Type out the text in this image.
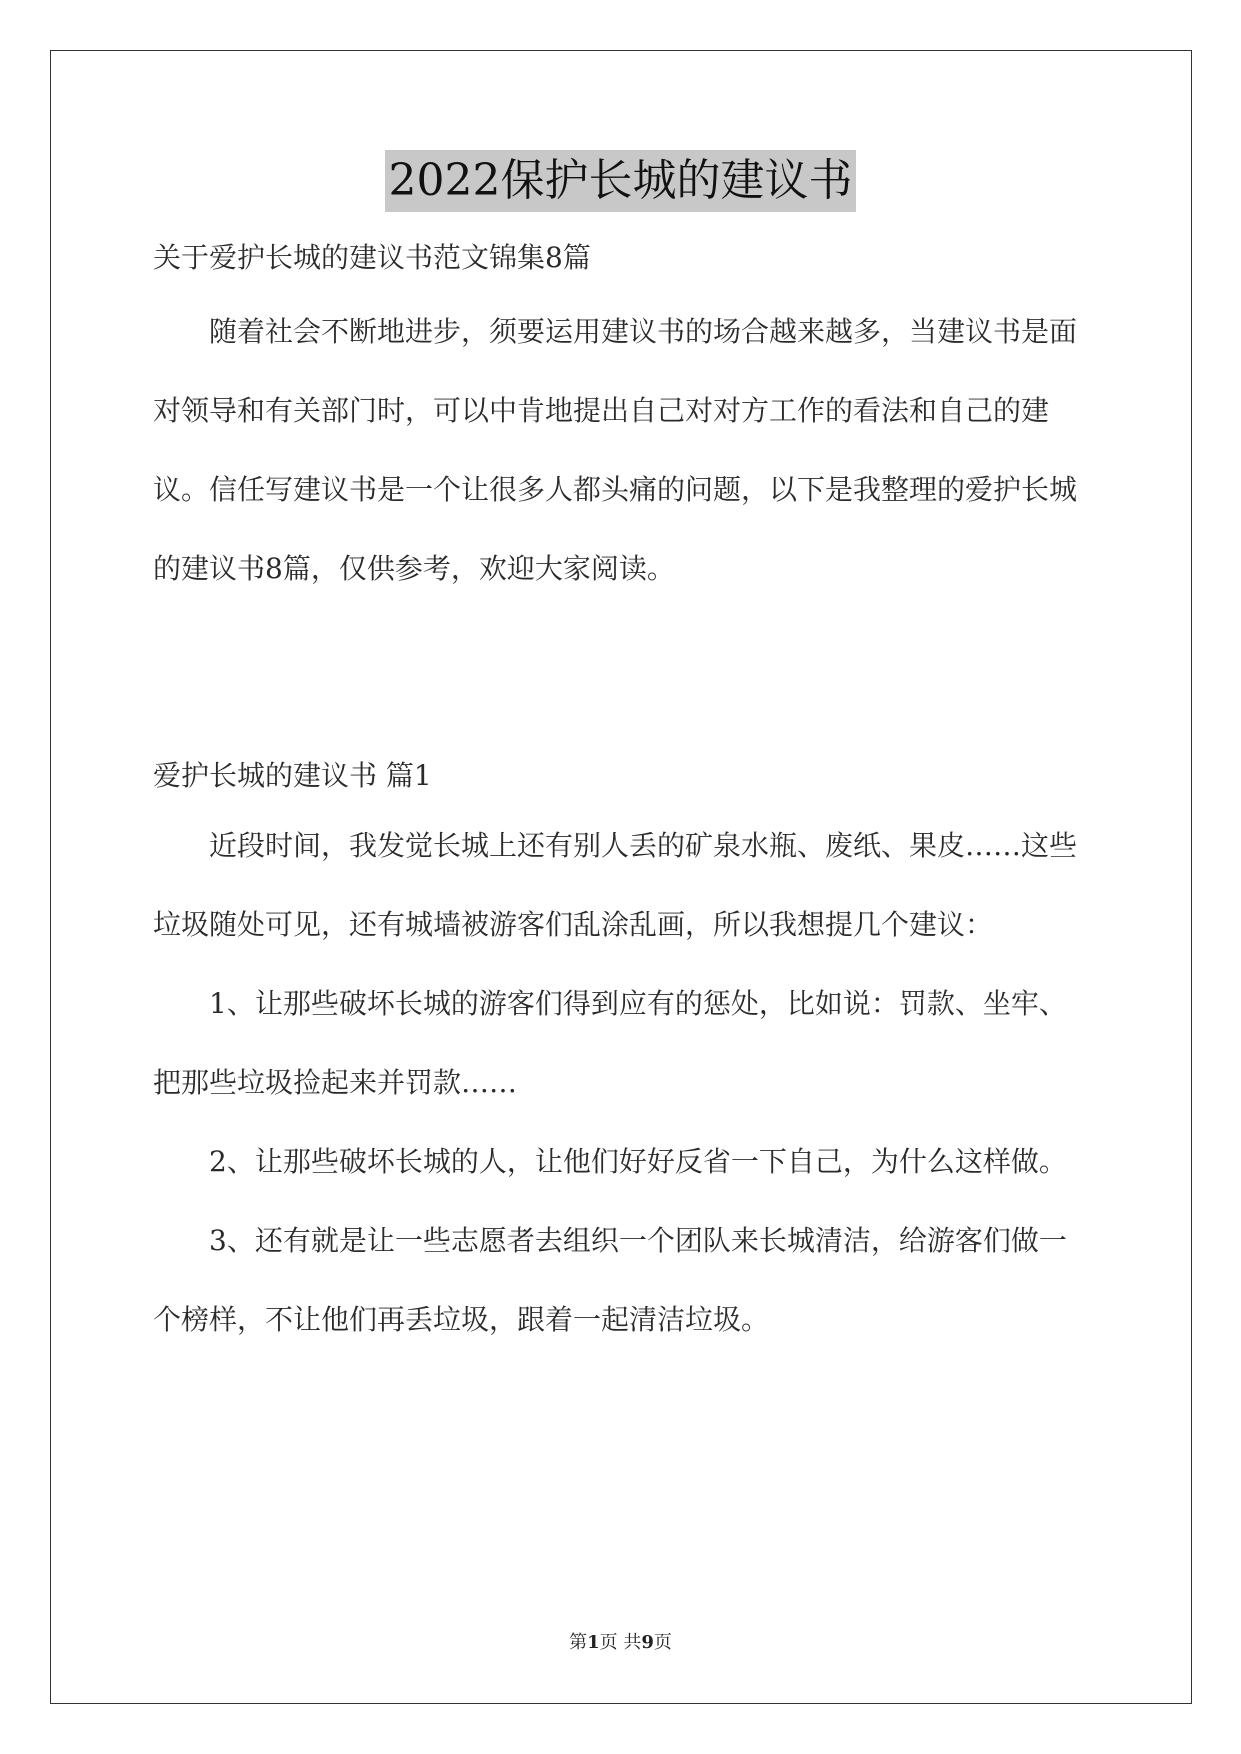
2022保护长城的建议书

关于爱护长城的建议书范文锦集8篇

随着社会不断地进步，须要运用建议书的场合越来越多，当建议书是面对领导和有关部门时，可以中肯地提出自己对对方工作的看法和自己的建议。信任写建议书是一个让很多人都头痛的问题，以下是我整理的爱护长城的建议书8篇，仅供参考，欢迎大家阅读。

爱护长城的建议书 篇1

近段时间，我发觉长城上还有别人丢的矿泉水瓶、废纸、果皮……这些垃圾随处可见，还有城墙被游客们乱涂乱画，所以我想提几个建议：

1、让那些破坏长城的游客们得到应有的惩处，比如说：罚款、坐牢、把那些垃圾捡起来并罚款……

2、让那些破坏长城的人，让他们好好反省一下自己，为什么这样做。

3、还有就是让一些志愿者去组织一个团队来长城清洁，给游客们做一个榜样，不让他们再丢垃圾，跟着一起清洁垃圾。

第1页 共9页
